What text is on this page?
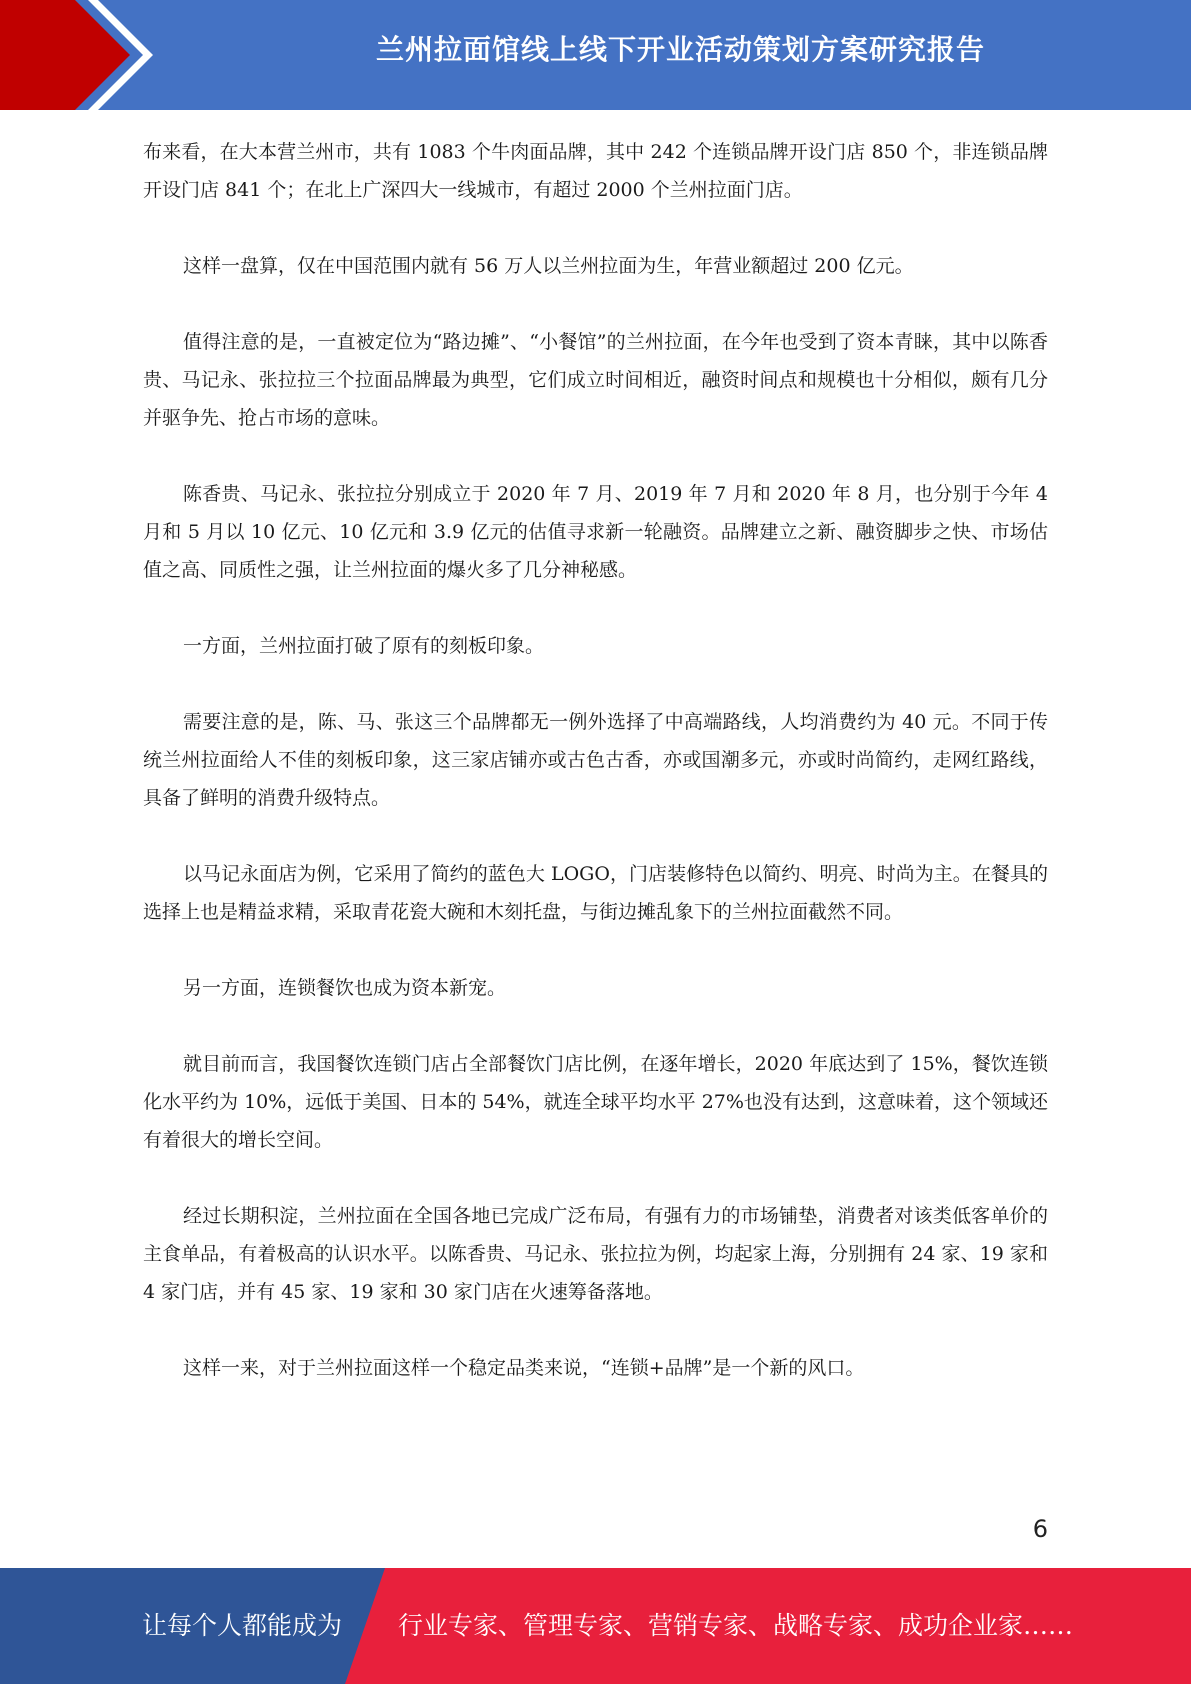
兰州拉面馆线上线下开业活动策划方案研究报告

布来看，在大本营兰州市，共有 1083 个牛肉面品牌，其中 242 个连锁品牌开设门店 850 个，非连锁品牌开设门店 841 个；在北上广深四大一线城市，有超过 2000 个兰州拉面门店。

这样一盘算，仅在中国范围内就有 56 万人以兰州拉面为生，年营业额超过 200 亿元。

值得注意的是，一直被定位为“路边摊”、“小餐馆”的兰州拉面，在今年也受到了资本青睐，其中以陈香贵、马记永、张拉拉三个拉面品牌最为典型，它们成立时间相近，融资时间点和规模也十分相似，颇有几分并驱争先、抢占市场的意味。

陈香贵、马记永、张拉拉分别成立于 2020 年 7 月、2019 年 7 月和 2020 年 8 月，也分别于今年 4 月和 5 月以 10 亿元、10 亿元和 3.9 亿元的估值寻求新一轮融资。品牌建立之新、融资脚步之快、市场估值之高、同质性之强，让兰州拉面的爆火多了几分神秘感。

一方面，兰州拉面打破了原有的刻板印象。

需要注意的是，陈、马、张这三个品牌都无一例外选择了中高端路线，人均消费约为 40 元。不同于传统兰州拉面给人不佳的刻板印象，这三家店铺亦或古色古香，亦或国潮多元，亦或时尚简约，走网红路线，具备了鲜明的消费升级特点。

以马记永面店为例，它采用了简约的蓝色大 LOGO，门店装修特色以简约、明亮、时尚为主。在餐具的选择上也是精益求精，采取青花瓷大碗和木刻托盘，与街边摊乱象下的兰州拉面截然不同。

另一方面，连锁餐饮也成为资本新宠。

就目前而言，我国餐饮连锁门店占全部餐饮门店比例，在逐年增长，2020 年底达到了 15%，餐饮连锁化水平约为 10%，远低于美国、日本的 54%，就连全球平均水平 27%也没有达到，这意味着，这个领域还有着很大的增长空间。

经过长期积淀，兰州拉面在全国各地已完成广泛布局，有强有力的市场铺垫，消费者对该类低客单价的主食单品，有着极高的认识水平。以陈香贵、马记永、张拉拉为例，均起家上海，分别拥有 24 家、19 家和 4 家门店，并有 45 家、19 家和 30 家门店在火速筹备落地。

这样一来，对于兰州拉面这样一个稳定品类来说，“连锁+品牌”是一个新的风口。

6
让每个人都能成为 行业专家、管理专家、营销专家、战略专家、成功企业家……
